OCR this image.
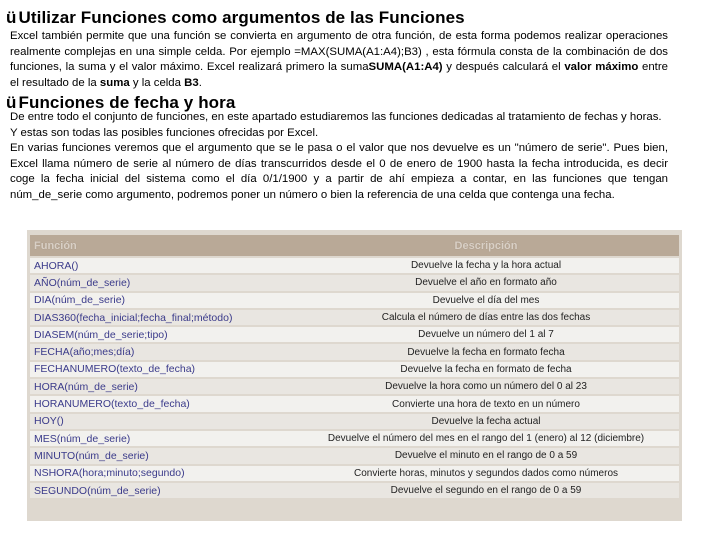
ü Utilizar Funciones como argumentos de las Funciones

Excel también permite que una función se convierta en argumento de otra función, de esta forma podemos realizar operaciones realmente complejas en una simple celda. Por ejemplo =MAX(SUMA(A1:A4);B3) , esta fórmula consta de la combinación de dos funciones, la suma y el valor máximo. Excel realizará primero la sumaSUMA(A1:A4) y después calculará el valor máximo entre el resultado de la suma y la celda B3.

ü Funciones de fecha y hora

De entre todo el conjunto de funciones, en este apartado estudiaremos las funciones dedicadas al tratamiento de fechas y horas.

Y estas son todas las posibles funciones ofrecidas por Excel.

En varias funciones veremos que el argumento que se le pasa o el valor que nos devuelve es un "número de serie". Pues bien, Excel llama número de serie al número de días transcurridos desde el 0 de enero de 1900 hasta la fecha introducida, es decir coge la fecha inicial del sistema como el día 0/1/1900 y a partir de ahí empieza a contar, en las funciones que tengan núm_de_serie como argumento, podremos poner un número o bien la referencia de una celda que contenga una fecha.

Función	Descripción
AHORA()	Devuelve la fecha y la hora actual
AÑO(núm_de_serie)	Devuelve el año en formato año
DIA(núm_de_serie)	Devuelve el día del mes
DIAS360(fecha_inicial;fecha_final;método)	Calcula el número de días entre las dos fechas
DIASEM(núm_de_serie;tipo)	Devuelve un número del 1 al 7
FECHA(año;mes;día)	Devuelve la fecha en formato fecha
FECHANUMERO(texto_de_fecha)	Devuelve la fecha en formato de fecha
HORA(núm_de_serie)	Devuelve la hora como un número del 0 al 23
HORANUMERO(texto_de_fecha)	Convierte una hora de texto en un número
HOY()	Devuelve la fecha actual
MES(núm_de_serie)	Devuelve el número del mes en el rango del 1 (enero) al 12 (diciembre)
MINUTO(núm_de_serie)	Devuelve el minuto en el rango de 0 a 59
NSHORA(hora;minuto;segundo)	Convierte horas, minutos y segundos dados como números
SEGUNDO(núm_de_serie)	Devuelve el segundo en el rango de 0 a 59
